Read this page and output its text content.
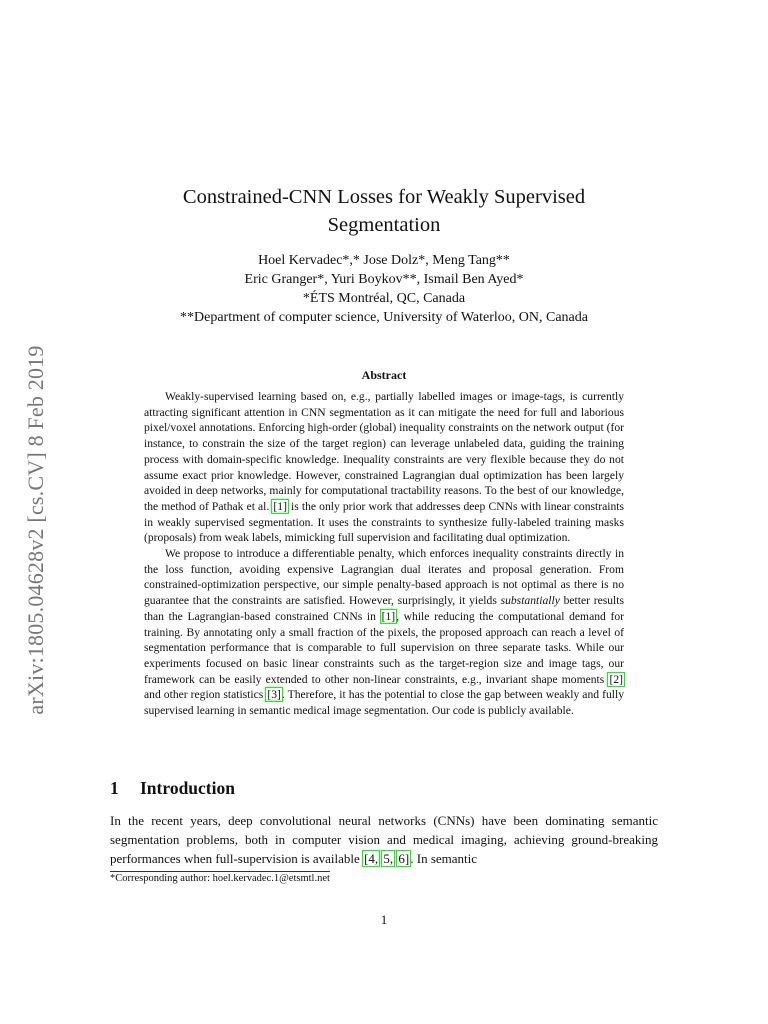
arXiv:1805.04628v2 [cs.CV] 8 Feb 2019
Constrained-CNN Losses for Weakly Supervised
Segmentation
Hoel Kervadec*,* Jose Dolz*, Meng Tang**
Eric Granger*, Yuri Boykov**, Ismail Ben Ayed*
*ÉTS Montréal, QC, Canada
**Department of computer science, University of Waterloo, ON, Canada
Abstract

Weakly-supervised learning based on, e.g., partially labelled images or image-tags, is currently attracting significant attention in CNN segmentation as it can mitigate the need for full and laborious pixel/voxel annotations. Enforcing high-order (global) inequality constraints on the network output (for instance, to constrain the size of the target region) can leverage unlabeled data, guiding the training process with domain-specific knowledge. Inequality constraints are very flexible because they do not assume exact prior knowledge. However, constrained Lagrangian dual optimization has been largely avoided in deep networks, mainly for computational tractability reasons. To the best of our knowledge, the method of Pathak et al. [1] is the only prior work that addresses deep CNNs with linear constraints in weakly supervised segmentation. It uses the constraints to synthesize fully-labeled training masks (proposals) from weak labels, mimicking full supervision and facilitating dual optimization.

We propose to introduce a differentiable penalty, which enforces inequality constraints directly in the loss function, avoiding expensive Lagrangian dual iterates and proposal generation. From constrained-optimization perspective, our simple penalty-based approach is not optimal as there is no guarantee that the constraints are satisfied. However, surprisingly, it yields substantially better results than the Lagrangian-based constrained CNNs in [1], while reducing the computational demand for training. By annotating only a small fraction of the pixels, the proposed approach can reach a level of segmentation performance that is comparable to full supervision on three separate tasks. While our experiments focused on basic linear constraints such as the target-region size and image tags, our framework can be easily extended to other non-linear constraints, e.g., invariant shape moments [2] and other region statistics [3]. Therefore, it has the potential to close the gap between weakly and fully supervised learning in semantic medical image segmentation. Our code is publicly available.

1 Introduction

In the recent years, deep convolutional neural networks (CNNs) have been dominating semantic segmentation problems, both in computer vision and medical imaging, achieving ground-breaking performances when full-supervision is available [4, 5, 6]. In semantic

*Corresponding author: hoel.kervadec.1@etsmtl.net
1
